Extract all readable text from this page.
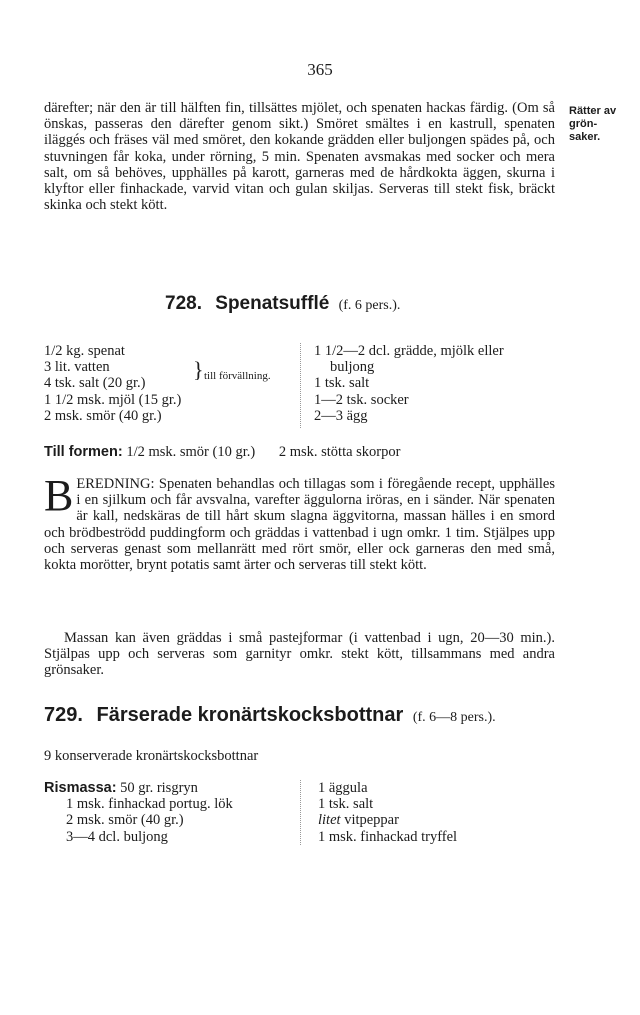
365
Rätter av
grön-
saker.

därefter; när den är till hälften fin, tillsättes mjölet, och spenaten hackas färdig. (Om så önskas, passeras den därefter genom sikt.) Smöret smältes i en kastrull, spenaten iläggés och fräses väl med smöret, den kokande grädden eller buljongen spädes på, och stuvningen får koka, under rörning, 5 min. Spenaten avsmakas med socker och mera salt, om så behöves, upphälles på karott, garneras med de hårdkokta äggen, skurna i klyftor eller finhackade, varvid vitan och gulan skiljas. Serveras till stekt fisk, bräckt skinka och stekt kött.

728. Spenatsufflé (f. 6 pers.).
1/2 kg. spenat
3 lit. vatten
4 tsk. salt (20 gr.)
1 1/2 msk. mjöl (15 gr.)
2 msk. smör (40 gr.)
} till förvällning.
1 1/2—2 dcl. grädde, mjölk eller
buljong
1 tsk. salt
1—2 tsk. socker
2—3 ägg
Till formen: 1/2 msk. smör (10 gr.) 2 msk. stötta skorpor
B EREDNING: Spenaten behandlas och tillagas som i föregående recept, upphälles i en sjilkum och får avsvalna, varefter äggulorna iröras, en i sänder. När spenaten är kall, nedskäras de till hårt skum slagna äggvitorna, massan hälles i en smord och brödbeströdd puddingform och gräddas i vattenbad i ugn omkr. 1 tim. Stjälpes upp och serveras genast som mellanrätt med rört smör, eller ock garneras den med små, kokta morötter, brynt potatis samt ärter och serveras till stekt kött.

Massan kan även gräddas i små pastejformar (i vattenbad i ugn, 20—30 min.). Stjälpas upp och serveras som garnityr omkr. stekt kött, tillsammans med andra grönsaker.

729. Färserade kronärtskocksbottnar (f. 6—8 pers.).
9 konserverade kronärtskocksbottnar
Rismassa: 50 gr. risgryn
1 msk. finhackad portug. lök
2 msk. smör (40 gr.)
3—4 dcl. buljong
1 äggula
1 tsk. salt
litet vitpeppar
1 msk. finhackad tryffel
